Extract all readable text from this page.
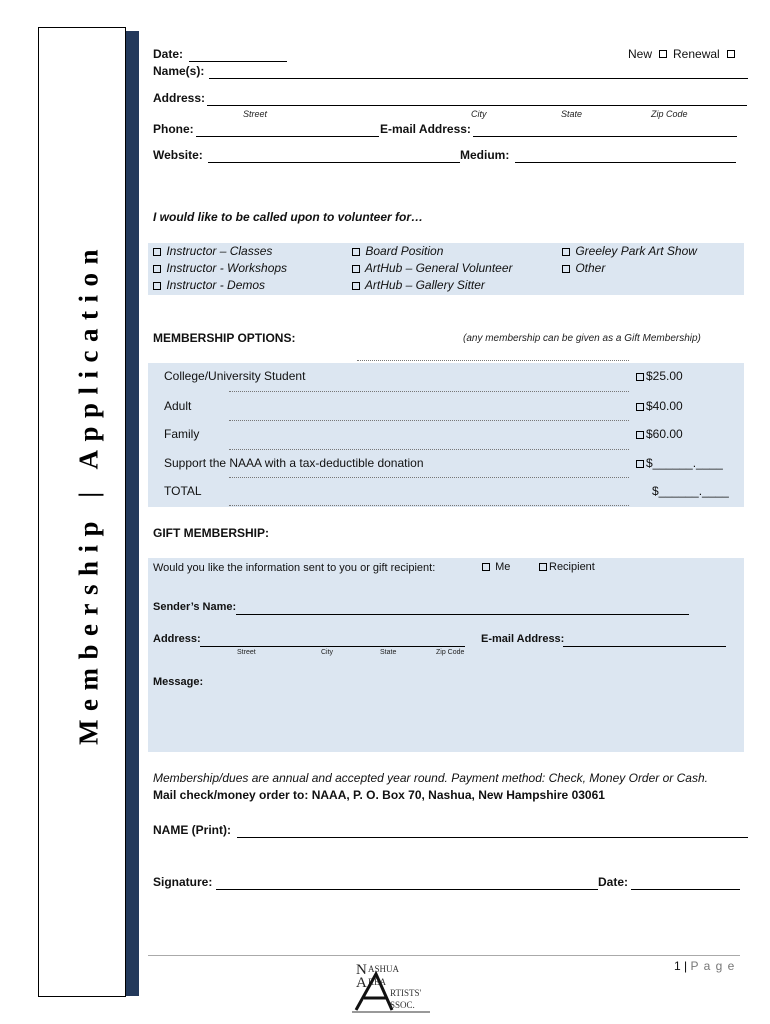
Membership | Application
Date:	New Renewal
Name(s):
Address:
Street	City	State	Zip Code
Phone:	E-mail Address:
Website:	Medium:
I would like to be called upon to volunteer for…
Instructor – Classes
Instructor - Workshops
Instructor - Demos
Board Position
ArtHub – General Volunteer
ArtHub – Gallery Sitter
Greeley Park Art Show
Other
MEMBERSHIP OPTIONS:	(any membership can be given as a Gift Membership)
College/University Student	$25.00
Adult	$40.00
Family	$60.00
Support the NAAA with a tax-deductible donation	$______.____
TOTAL	$______.____
GIFT MEMBERSHIP:
Would you like the information sent to you or gift recipient:	Me	Recipient
Sender’s Name:
Address:
Street	City	State	Zip Code
E-mail Address:
Message:
Membership/dues are annual and accepted year round. Payment method: Check, Money Order or Cash.
Mail check/money order to: NAAA, P. O. Box 70, Nashua, New Hampshire 03061
NAME (Print):
Signature:	Date:
1 | P a g e
N ASHUA
A REA
RTISTS'
SSOC.
